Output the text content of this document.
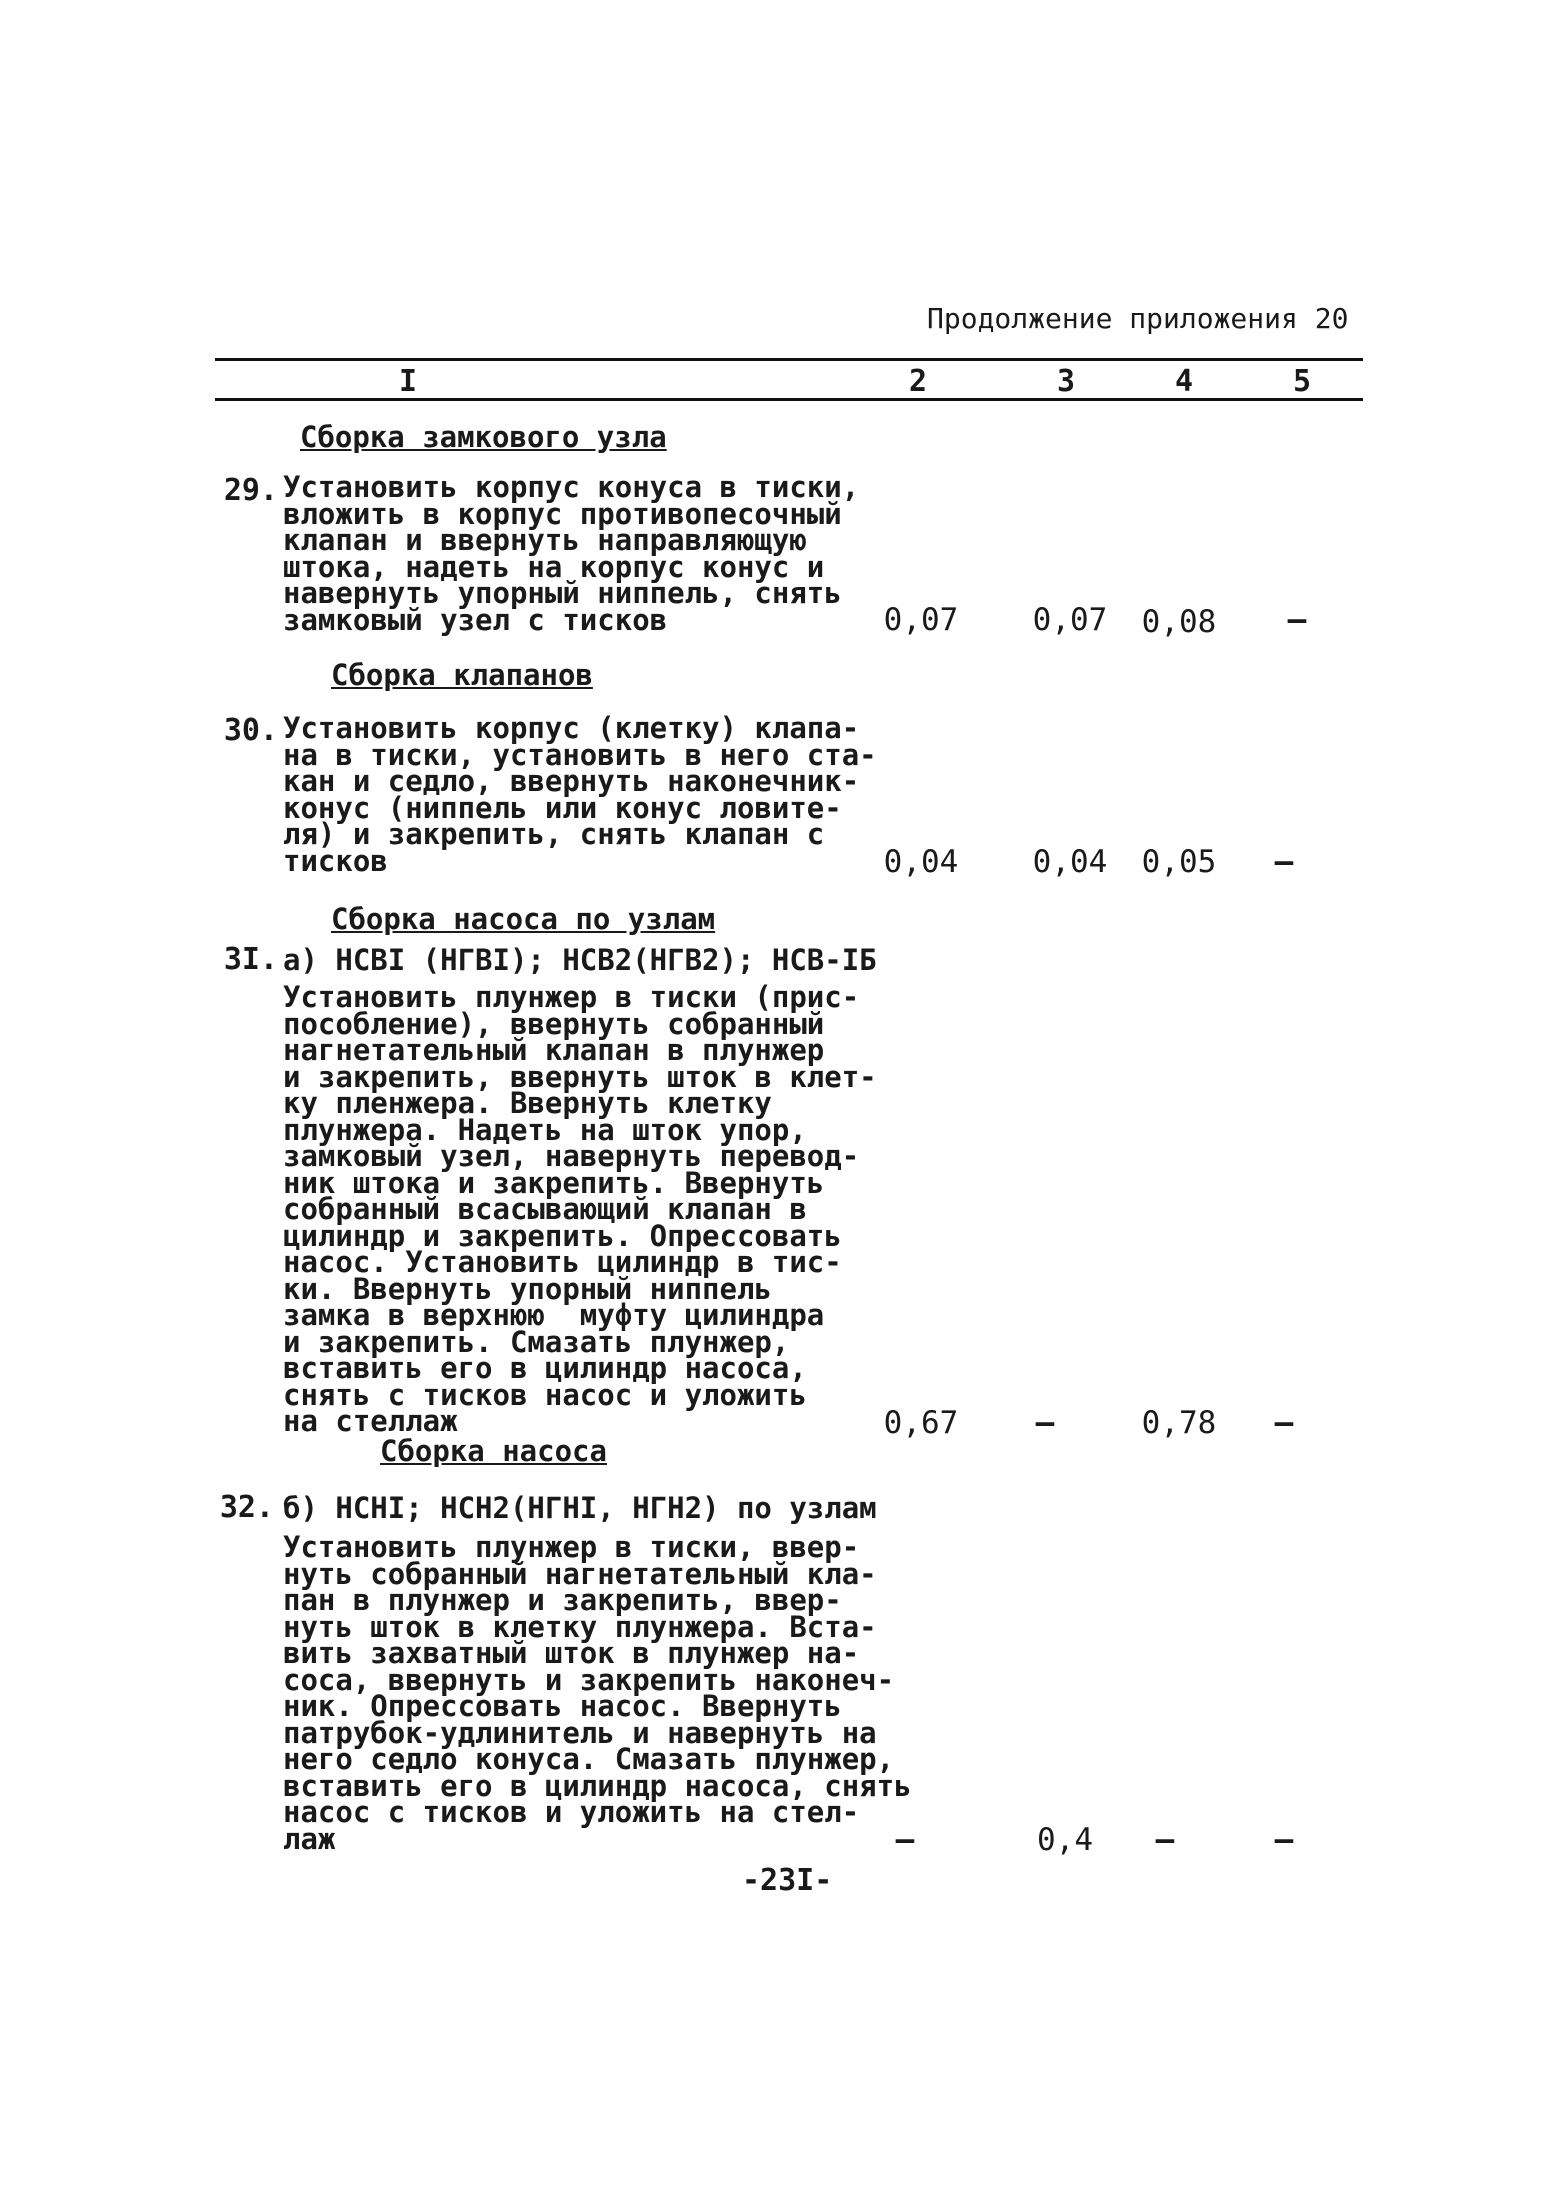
Продолжение приложения 20
I	2	3	4	5
Сборка замкового узла
29. Установить корпус конуса в тиски,
вложить в корпус противопесочный
клапан и ввернуть направляющую
штока, надеть на корпус конус и
навернуть упорный ниппель, снять
замковый узел с тисков	0,07	0,07	0,08	–
Сборка клапанов
30. Установить корпус (клетку) клапа-
на в тиски, установить в него ста-
кан и седло, ввернуть наконечник-
конус (ниппель или конус ловите-
ля) и закрепить, снять клапан с
тисков	0,04	0,04	0,05	–
Сборка насоса по узлам
3I. а) НСВI (НГВI); НСВ2(НГВ2); НСВ-IБ
Установить плунжер в тиски (прис-
пособление), ввернуть собранный
нагнетательный клапан в плунжер
и закрепить, ввернуть шток в клет-
ку пленжера. Ввернуть клетку
плунжера. Надеть на шток упор,
замковый узел, навернуть перевод-
ник штока и закрепить. Ввернуть
собранный всасывающий клапан в
цилиндр и закрепить. Опрессовать
насос. Установить цилиндр в тис-
ки. Ввернуть упорный ниппель
замка в верхнюю  муфту цилиндра
и закрепить. Смазать плунжер,
вставить его в цилиндр насоса,
снять с тисков насос и уложить
на стеллаж	0,67	–	0,78	–
Сборка насоса
32. б) НСНI; НСН2(НГНI, НГН2) по узлам
Установить плунжер в тиски, ввер-
нуть собранный нагнетательный кла-
пан в плунжер и закрепить, ввер-
нуть шток в клетку плунжера. Вста-
вить захватный шток в плунжер на-
соса, ввернуть и закрепить наконеч-
ник. Опрессовать насос. Ввернуть
патрубок-удлинитель и навернуть на
него седло конуса. Смазать плунжер,
вставить его в цилиндр насоса, снять
насос с тисков и уложить на стел-
лаж	–	0,4	–	–
-23I-
